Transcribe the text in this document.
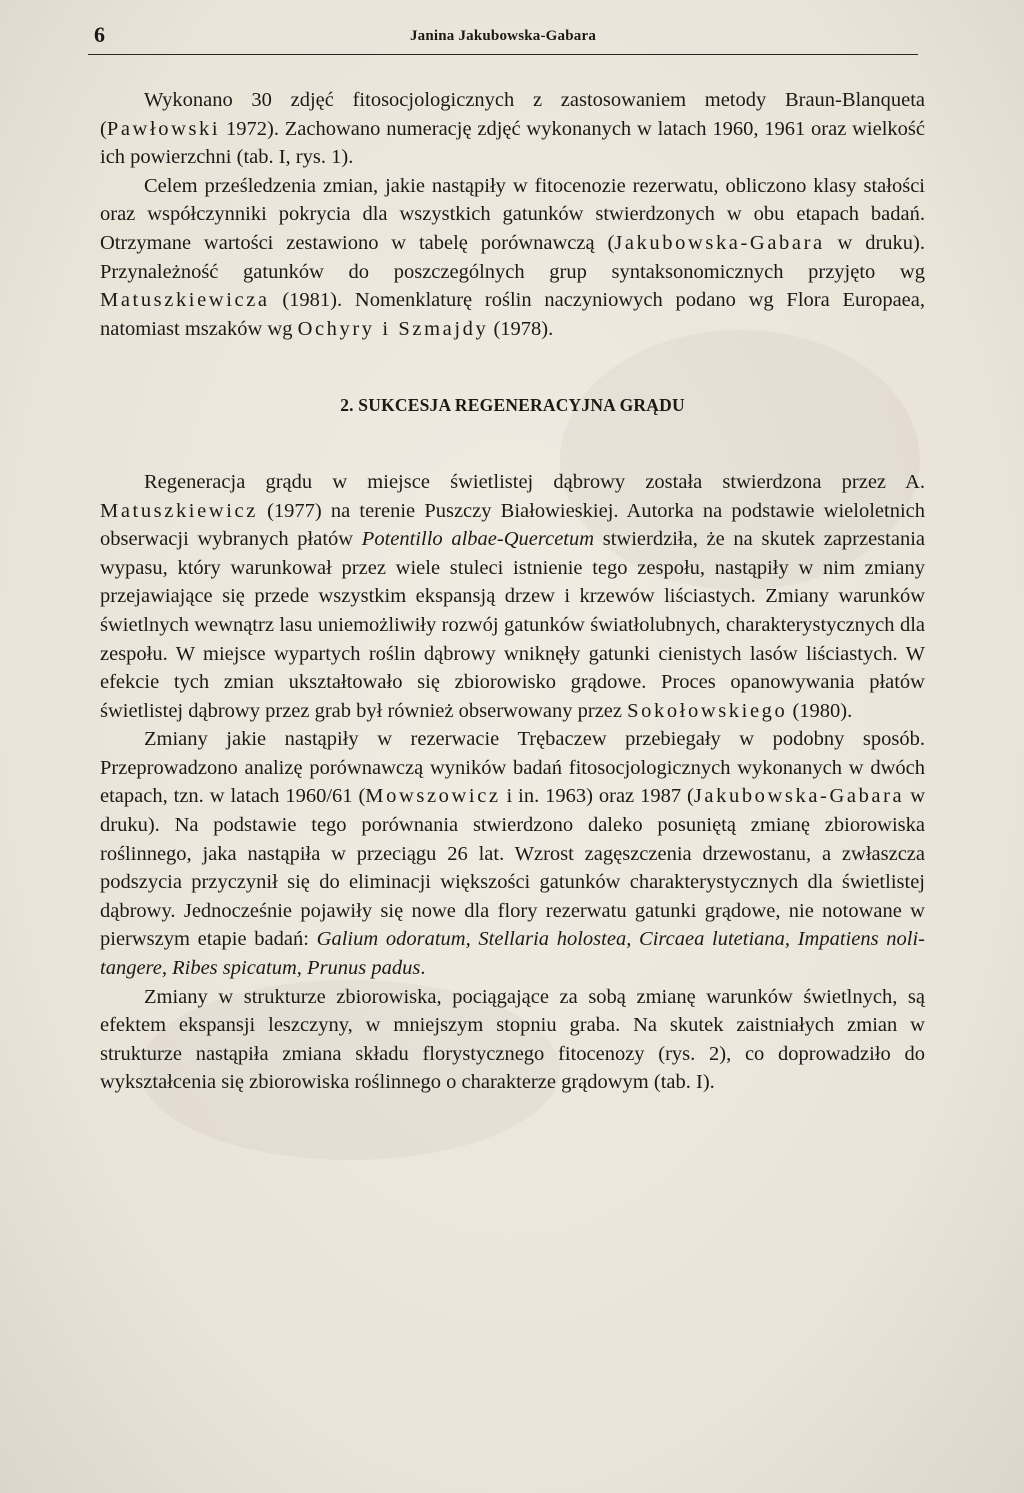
6	Janina Jakubowska-Gabara

Wykonano 30 zdjęć fitosocjologicznych z zastosowaniem metody Braun-Blanqueta (Pawłowski 1972). Zachowano numerację zdjęć wykonanych w latach 1960, 1961 oraz wielkość ich powierzchni (tab. I, rys. 1).

Celem prześledzenia zmian, jakie nastąpiły w fitocenozie rezerwatu, obliczono klasy stałości oraz współczynniki pokrycia dla wszystkich gatunków stwierdzonych w obu etapach badań. Otrzymane wartości zestawiono w tabelę porównawczą (Jakubowska-Gabara w druku). Przynależność gatunków do poszczególnych grup syntaksonomicznych przyjęto wg Matuszkiewicza (1981). Nomenklaturę roślin naczyniowych podano wg Flora Europaea, natomiast mszaków wg Ochyry i Szmajdy (1978).

2. SUKCESJA REGENERACYJNA GRĄDU

Regeneracja grądu w miejsce świetlistej dąbrowy została stwierdzona przez A. Matuszkiewicz (1977) na terenie Puszczy Białowieskiej. Autorka na podstawie wieloletnich obserwacji wybranych płatów Potentillo albae-Quercetum stwierdziła, że na skutek zaprzestania wypasu, który warunkował przez wiele stuleci istnienie tego zespołu, nastąpiły w nim zmiany przejawiające się przede wszystkim ekspansją drzew i krzewów liściastych. Zmiany warunków świetlnych wewnątrz lasu uniemożliwiły rozwój gatunków światłolubnych, charakterystycznych dla zespołu. W miejsce wypartych roślin dąbrowy wniknęły gatunki cienistych lasów liściastych. W efekcie tych zmian ukształtowało się zbiorowisko grądowe. Proces opanowywania płatów świetlistej dąbrowy przez grab był również obserwowany przez Sokołowskiego (1980).

Zmiany jakie nastąpiły w rezerwacie Trębaczew przebiegały w podobny sposób. Przeprowadzono analizę porównawczą wyników badań fitosocjologicznych wykonanych w dwóch etapach, tzn. w latach 1960/61 (Mowszowicz i in. 1963) oraz 1987 (Jakubowska-Gabara w druku). Na podstawie tego porównania stwierdzono daleko posuniętą zmianę zbiorowiska roślinnego, jaka nastąpiła w przeciągu 26 lat. Wzrost zagęszczenia drzewostanu, a zwłaszcza podszycia przyczynił się do eliminacji większości gatunków charakterystycznych dla świetlistej dąbrowy. Jednocześnie pojawiły się nowe dla flory rezerwatu gatunki grądowe, nie notowane w pierwszym etapie badań: Galium odoratum, Stellaria holostea, Circaea lutetiana, Impatiens noli-tangere, Ribes spicatum, Prunus padus.

Zmiany w strukturze zbiorowiska, pociągające za sobą zmianę warunków świetlnych, są efektem ekspansji leszczyny, w mniejszym stopniu graba. Na skutek zaistniałych zmian w strukturze nastąpiła zmiana składu florystycznego fitocenozy (rys. 2), co doprowadziło do wykształcenia się zbiorowiska roślinnego o charakterze grądowym (tab. I).
